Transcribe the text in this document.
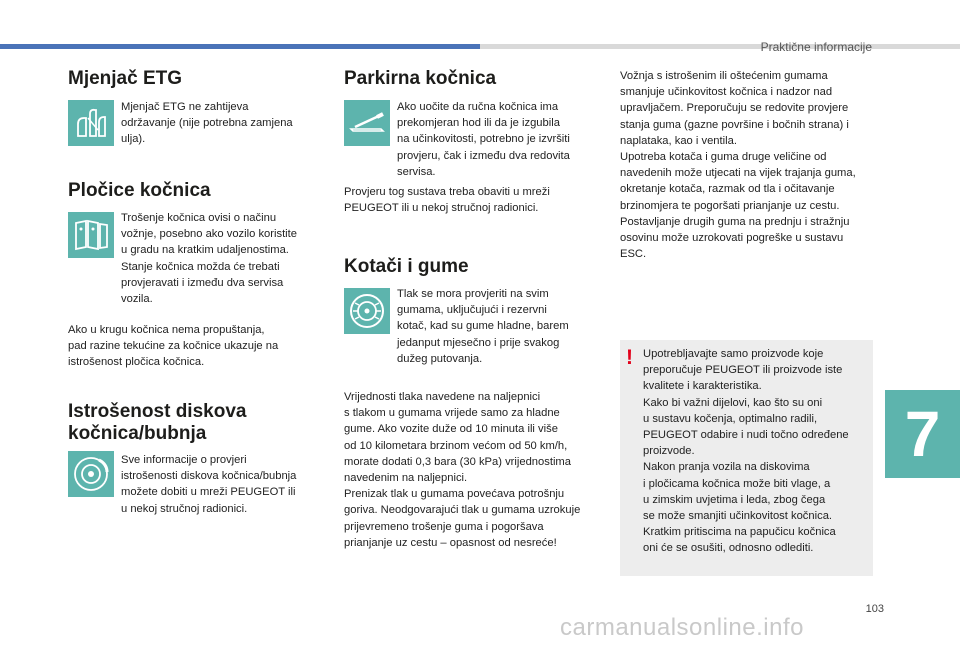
Praktične informacije
Mjenjač ETG
Mjenjač ETG ne zahtijeva
održavanje (nije potrebna zamjena
ulja).
Pločice kočnica
Trošenje kočnica ovisi o načinu
vožnje, posebno ako vozilo koristite
u gradu na kratkim udaljenostima.
Stanje kočnica možda će trebati
provjeravati i između dva servisa
vozila.
Ako u krugu kočnica nema propuštanja,
pad razine tekućine za kočnice ukazuje na
istrošenost pločica kočnica.
Istrošenost diskova
kočnica/bubnja
Sve informacije o provjeri
istrošenosti diskova kočnica/bubnja
možete dobiti u mreži PEUGEOT ili
u nekoj stručnoj radionici.
Parkirna kočnica
Ako uočite da ručna kočnica ima
prekomjeran hod ili da je izgubila
na učinkovitosti, potrebno je izvršiti
provjeru, čak i između dva redovita
servisa.
Provjeru tog sustava treba obaviti u mreži
PEUGEOT ili u nekoj stručnoj radionici.
Kotači i gume
Tlak se mora provjeriti na svim
gumama, uključujući i rezervni
kotač, kad su gume hladne, barem
jedanput mjesečno i prije svakog
dužeg putovanja.
Vrijednosti tlaka navedene na naljepnici
s tlakom u gumama vrijede samo za hladne
gume. Ako vozite duže od 10 minuta ili više
od 10 kilometara brzinom većom od 50 km/h,
morate dodati 0,3 bara (30 kPa) vrijednostima
navedenim na naljepnici.
Prenizak tlak u gumama povećava potrošnju
goriva. Neodgovarajući tlak u gumama uzrokuje
prijevremeno trošenje guma i pogoršava
prianjanje uz cestu – opasnost od nesreće!
Vožnja s istrošenim ili oštećenim gumama
smanjuje učinkovitost kočnica i nadzor nad
upravljačem. Preporučuju se redovite provjere
stanja guma (gazne površine i bočnih strana) i
naplataka, kao i ventila.
Upotreba kotača i guma druge veličine od
navedenih može utjecati na vijek trajanja guma,
okretanje kotača, razmak od tla i očitavanje
brzinomjera te pogoršati prianjanje uz cestu.
Postavljanje drugih guma na prednju i stražnju
osovinu može uzrokovati pogreške u sustavu
ESC.
! Upotrebljavajte samo proizvode koje
preporučuje PEUGEOT ili proizvode iste
kvalitete i karakteristika.
Kako bi važni dijelovi, kao što su oni
u sustavu kočenja, optimalno radili,
PEUGEOT odabire i nudi točno određene
proizvode.
Nakon pranja vozila na diskovima
i pločicama kočnica može biti vlage, a
u zimskim uvjetima i leda, zbog čega
se može smanjiti učinkovitost kočnica.
Kratkim pritiscima na papučicu kočnica
oni će se osušiti, odnosno odlediti.
7
103
carmanualsonline.info
